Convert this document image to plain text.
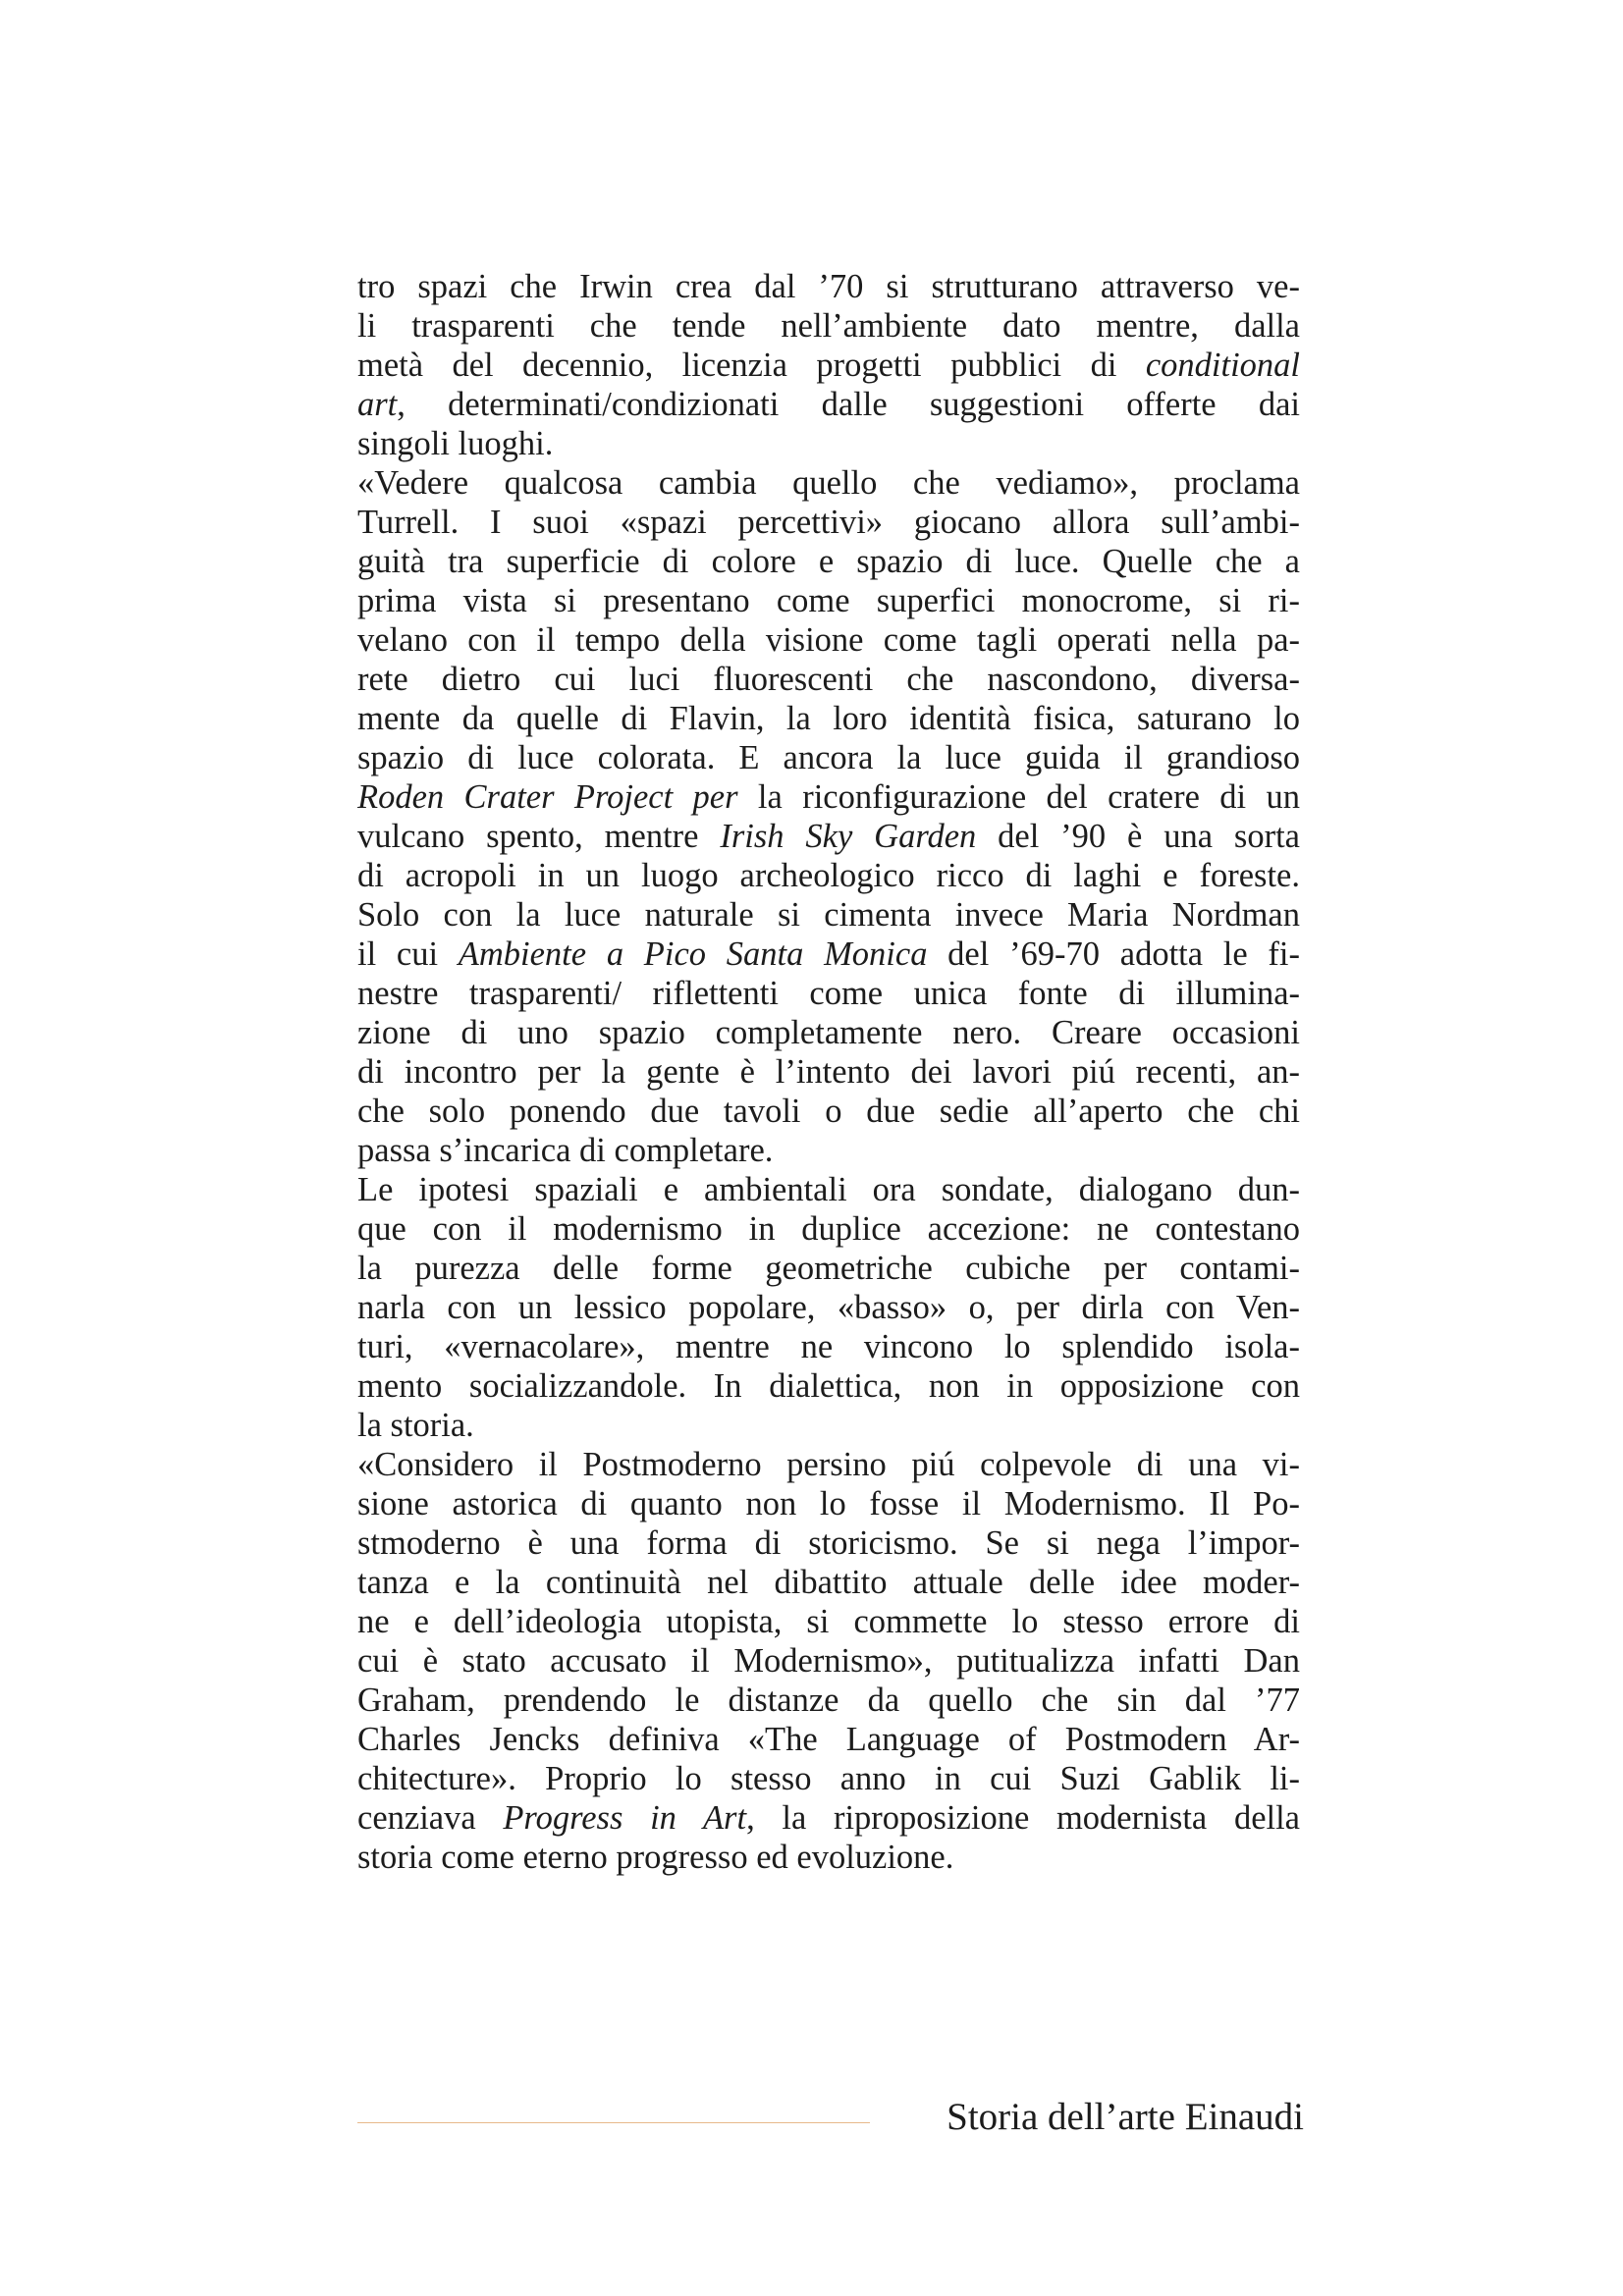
tro spazi che Irwin crea dal ’70 si strutturano attraverso ve-
li trasparenti che tende nell’ambiente dato mentre, dalla
metà del decennio, licenzia progetti pubblici di conditional
art, determinati/condizionati dalle suggestioni offerte dai
singoli luoghi.
«Vedere qualcosa cambia quello che vediamo», proclama
Turrell. I suoi «spazi percettivi» giocano allora sull’ambi-
guità tra superficie di colore e spazio di luce. Quelle che a
prima vista si presentano come superfici monocrome, si ri-
velano con il tempo della visione come tagli operati nella pa-
rete dietro cui luci fluorescenti che nascondono, diversa-
mente da quelle di Flavin, la loro identità fisica, saturano lo
spazio di luce colorata. E ancora la luce guida il grandioso
Roden Crater Project per la riconfigurazione del cratere di un
vulcano spento, mentre Irish Sky Garden del ’90 è una sorta
di acropoli in un luogo archeologico ricco di laghi e foreste.
Solo con la luce naturale si cimenta invece Maria Nordman
il cui Ambiente a Pico Santa Monica del ’69-70 adotta le fi-
nestre trasparenti/ riflettenti come unica fonte di illumina-
zione di uno spazio completamente nero. Creare occasioni
di incontro per la gente è l’intento dei lavori piú recenti, an-
che solo ponendo due tavoli o due sedie all’aperto che chi
passa s’incarica di completare.
Le ipotesi spaziali e ambientali ora sondate, dialogano dun-
que con il modernismo in duplice accezione: ne contestano
la purezza delle forme geometriche cubiche per contami-
narla con un lessico popolare, «basso» o, per dirla con Ven-
turi, «vernacolare», mentre ne vincono lo splendido isola-
mento socializzandole. In dialettica, non in opposizione con
la storia.
«Considero il Postmoderno persino piú colpevole di una vi-
sione astorica di quanto non lo fosse il Modernismo. Il Po-
stmoderno è una forma di storicismo. Se si nega l’impor-
tanza e la continuità nel dibattito attuale delle idee moder-
ne e dell’ideologia utopista, si commette lo stesso errore di
cui è stato accusato il Modernismo», putitualizza infatti Dan
Graham, prendendo le distanze da quello che sin dal ’77
Charles Jencks definiva «The Language of Postmodern Ar-
chitecture». Proprio lo stesso anno in cui Suzi Gablik li-
cenziava Progress in Art, la riproposizione modernista della
storia come eterno progresso ed evoluzione.
Storia dell’arte Einaudi
